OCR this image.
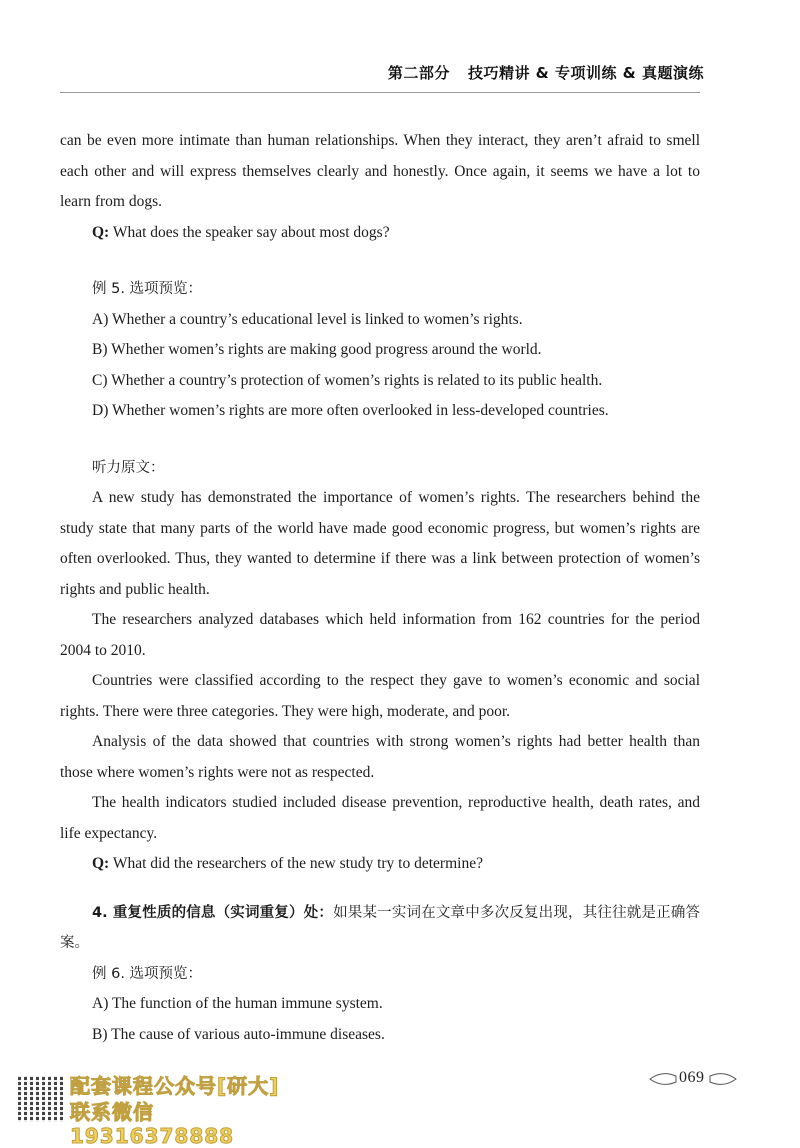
第二部分 技巧精讲 & 专项训练 & 真题演练

can be even more intimate than human relationships. When they interact, they aren’t afraid to smell each other and will express themselves clearly and honestly. Once again, it seems we have a lot to learn from dogs.

Q: What does the speaker say about most dogs?

例 5. 选项预览：

A) Whether a country’s educational level is linked to women’s rights.

B) Whether women’s rights are making good progress around the world.

C) Whether a country’s protection of women’s rights is related to its public health.

D) Whether women’s rights are more often overlooked in less-developed countries.

听力原文：

A new study has demonstrated the importance of women’s rights. The researchers behind the study state that many parts of the world have made good economic progress, but women’s rights are often overlooked. Thus, they wanted to determine if there was a link between protection of women’s rights and public health.

The researchers analyzed databases which held information from 162 countries for the period 2004 to 2010.

Countries were classified according to the respect they gave to women’s economic and social rights. There were three categories. They were high, moderate, and poor.

Analysis of the data showed that countries with strong women’s rights had better health than those where women’s rights were not as respected.

The health indicators studied included disease prevention, reproductive health, death rates, and life expectancy.

Q: What did the researchers of the new study try to determine?

4. 重复性质的信息（实词重复）处：如果某一实词在文章中多次反复出现，其往往就是正确答案。

例 6. 选项预览：

A) The function of the human immune system.

B) The cause of various auto-immune diseases.

069
配套课程公众号[研大]
联系微信19316378888
